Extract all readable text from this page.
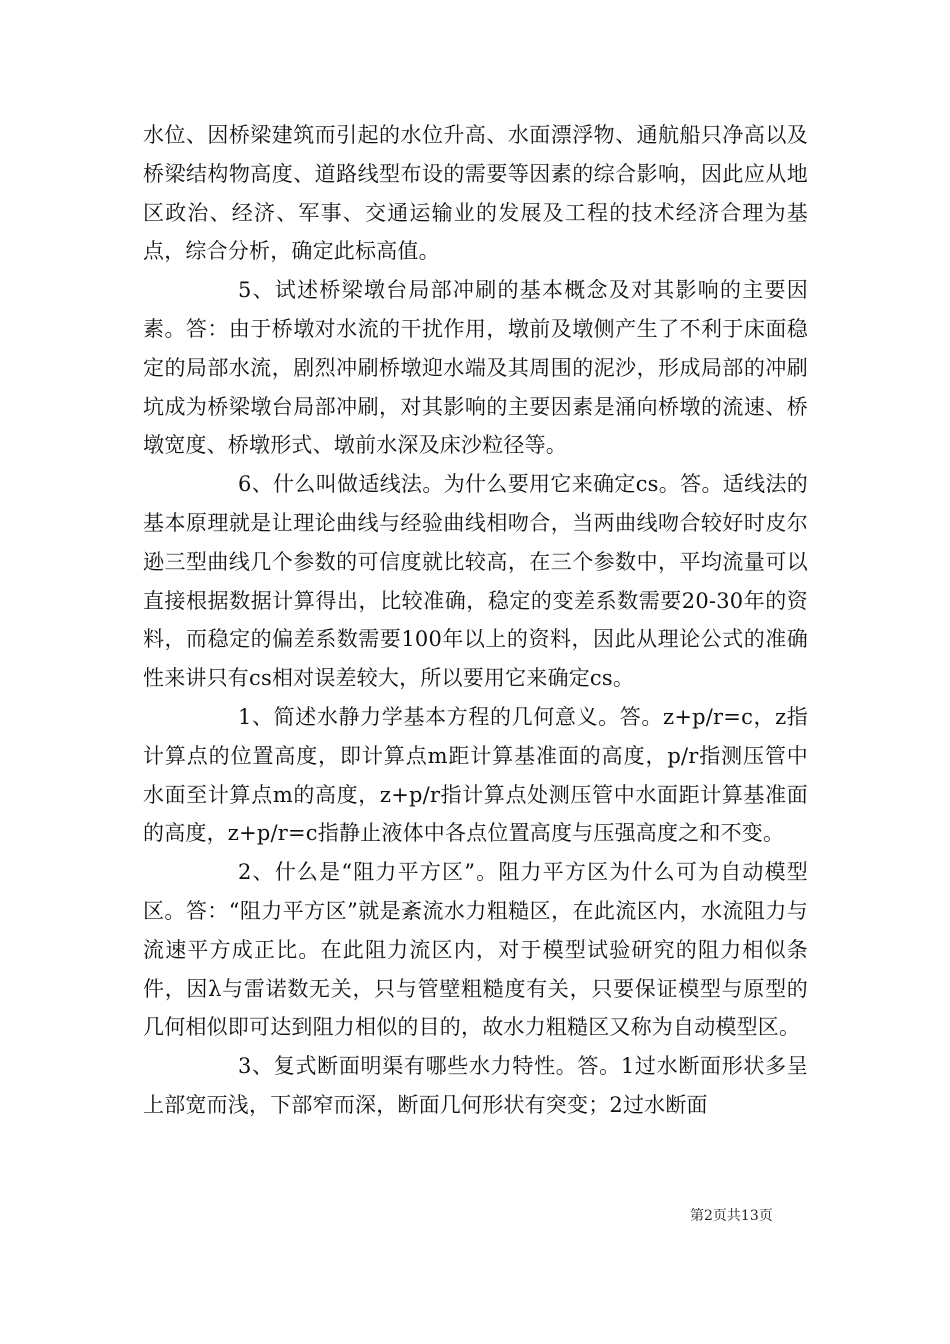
水位、因桥梁建筑而引起的水位升高、水面漂浮物、通航船只净高以及桥梁结构物高度、道路线型布设的需要等因素的综合影响，因此应从地区政治、经济、军事、交通运输业的发展及工程的技术经济合理为基点，综合分析，确定此标高值。

5、试述桥梁墩台局部冲刷的基本概念及对其影响的主要因素。答：由于桥墩对水流的干扰作用，墩前及墩侧产生了不利于床面稳定的局部水流，剧烈冲刷桥墩迎水端及其周围的泥沙，形成局部的冲刷坑成为桥梁墩台局部冲刷，对其影响的主要因素是涌向桥墩的流速、桥墩宽度、桥墩形式、墩前水深及床沙粒径等。

6、什么叫做适线法。为什么要用它来确定cs。答。适线法的基本原理就是让理论曲线与经验曲线相吻合，当两曲线吻合较好时皮尔逊三型曲线几个参数的可信度就比较高，在三个参数中，平均流量可以直接根据数据计算得出，比较准确，稳定的变差系数需要20-30年的资料，而稳定的偏差系数需要100年以上的资料，因此从理论公式的准确性来讲只有cs相对误差较大，所以要用它来确定cs。

1、简述水静力学基本方程的几何意义。答。z+p/r=c，z指计算点的位置高度，即计算点m距计算基准面的高度，p/r指测压管中水面至计算点m的高度，z+p/r指计算点处测压管中水面距计算基准面的高度，z+p/r=c指静止液体中各点位置高度与压强高度之和不变。

2、什么是“阻力平方区”。阻力平方区为什么可为自动模型区。答：“阻力平方区”就是紊流水力粗糙区，在此流区内，水流阻力与流速平方成正比。在此阻力流区内，对于模型试验研究的阻力相似条件，因λ与雷诺数无关，只与管壁粗糙度有关，只要保证模型与原型的几何相似即可达到阻力相似的目的，故水力粗糙区又称为自动模型区。

3、复式断面明渠有哪些水力特性。答。1过水断面形状多呈上部宽而浅，下部窄而深，断面几何形状有突变；2过水断面

第2页共13页
